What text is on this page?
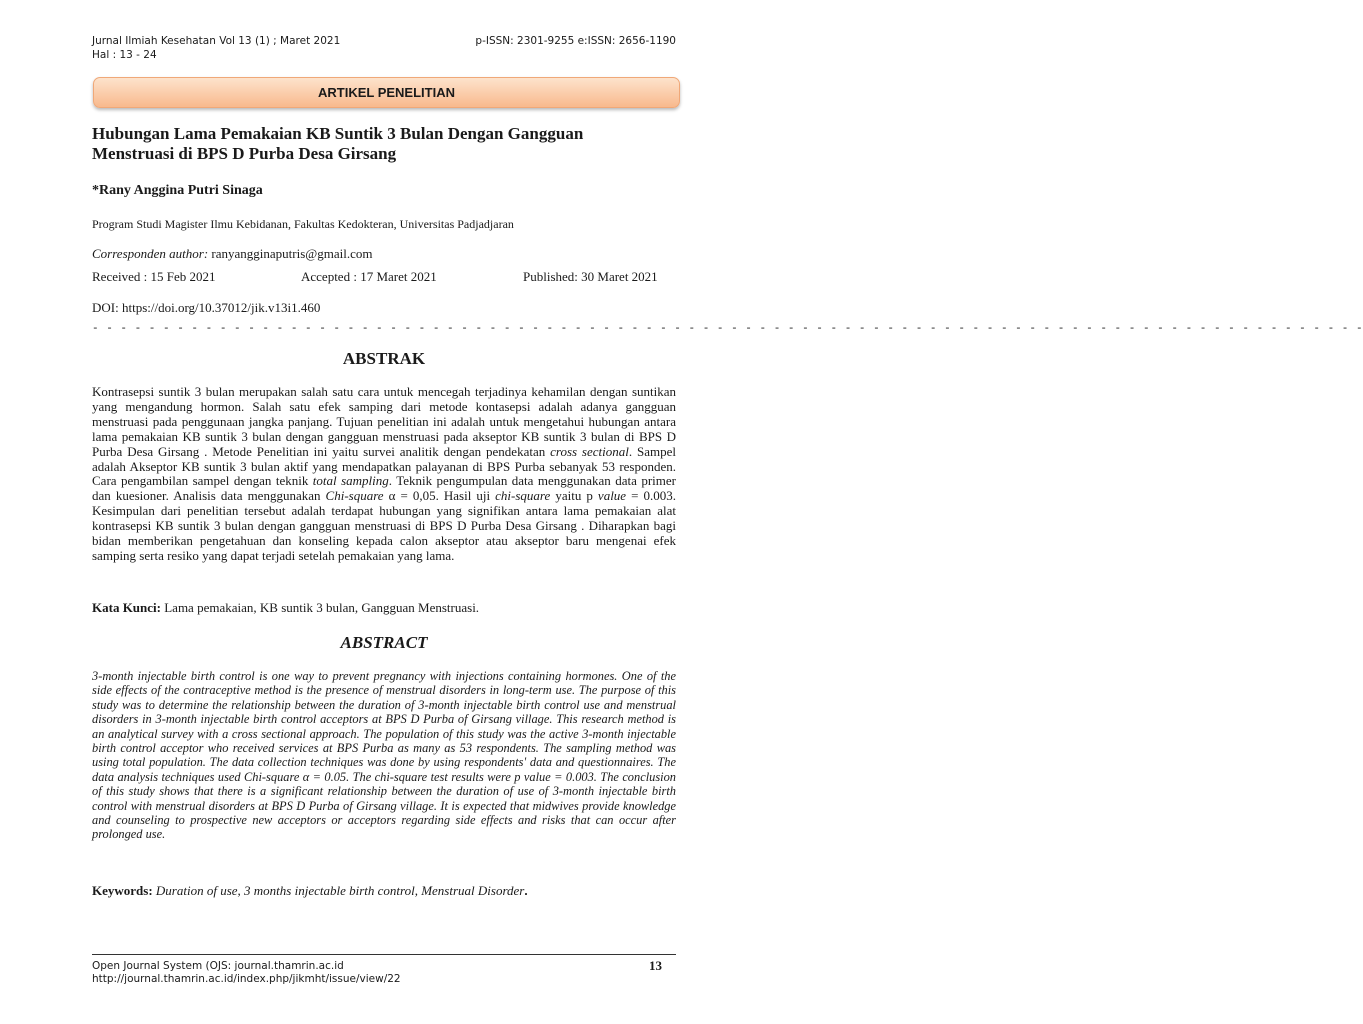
Jurnal Ilmiah Kesehatan Vol 13 (1) ; Maret 2021
Hal : 13 - 24
p-ISSN: 2301-9255 e:ISSN: 2656-1190
ARTIKEL PENELITIAN
Hubungan Lama Pemakaian KB Suntik 3 Bulan Dengan Gangguan
Menstruasi di BPS D Purba Desa Girsang
*Rany Anggina Putri Sinaga
Program Studi Magister Ilmu Kebidanan, Fakultas Kedokteran, Universitas Padjadjaran
Corresponden author: ranyangginaputris@gmail.com
Received : 15 Feb 2021	Accepted : 17 Maret 2021	Published: 30 Maret 2021
DOI: https://doi.org/10.37012/jik.v13i1.460
- - - - - - - - - - - - - - - - - - - - - - - - - - - - - - - - - - - - - - - - - - - - - - - - - - - - - - - - - - - - - - - - - - - - - - - - - - - - - - - - - - - - - - - - - -
ABSTRAK

Kontrasepsi suntik 3 bulan merupakan salah satu cara untuk mencegah terjadinya kehamilan dengan suntikan yang mengandung hormon. Salah satu efek samping dari metode kontasepsi adalah adanya gangguan menstruasi pada penggunaan jangka panjang. Tujuan penelitian ini adalah untuk mengetahui hubungan antara lama pemakaian KB suntik 3 bulan dengan gangguan menstruasi pada akseptor KB suntik 3 bulan di BPS D Purba Desa Girsang . Metode Penelitian ini yaitu survei analitik dengan pendekatan cross sectional. Sampel adalah Akseptor KB suntik 3 bulan aktif yang mendapatkan palayanan di BPS Purba sebanyak 53 responden. Cara pengambilan sampel dengan teknik total sampling. Teknik pengumpulan data menggunakan data primer dan kuesioner. Analisis data menggunakan Chi-square α = 0,05. Hasil uji chi-square yaitu p value = 0.003. Kesimpulan dari penelitian tersebut adalah terdapat hubungan yang signifikan antara lama pemakaian alat kontrasepsi KB suntik 3 bulan dengan gangguan menstruasi di BPS D Purba Desa Girsang . Diharapkan bagi bidan memberikan pengetahuan dan konseling kepada calon akseptor atau akseptor baru mengenai efek samping serta resiko yang dapat terjadi setelah pemakaian yang lama.

Kata Kunci: Lama pemakaian, KB suntik 3 bulan, Gangguan Menstruasi.
ABSTRACT

3-month injectable birth control is one way to prevent pregnancy with injections containing hormones. One of the side effects of the contraceptive method is the presence of menstrual disorders in long-term use. The purpose of this study was to determine the relationship between the duration of 3-month injectable birth control use and menstrual disorders in 3-month injectable birth control acceptors at BPS D Purba of Girsang village. This research method is an analytical survey with a cross sectional approach. The population of this study was the active 3-month injectable birth control acceptor who received services at BPS Purba as many as 53 respondents. The sampling method was using total population. The data collection techniques was done by using respondents' data and questionnaires. The data analysis techniques used Chi-square α = 0.05. The chi-square test results were p value = 0.003. The conclusion of this study shows that there is a significant relationship between the duration of use of 3-month injectable birth control with menstrual disorders at BPS D Purba of Girsang village. It is expected that midwives provide knowledge and counseling to prospective new acceptors or acceptors regarding side effects and risks that can occur after prolonged use.

Keywords: Duration of use, 3 months injectable birth control, Menstrual Disorder.
Open Journal System (OJS: journal.thamrin.ac.id
http://journal.thamrin.ac.id/index.php/jikmht/issue/view/22
13
